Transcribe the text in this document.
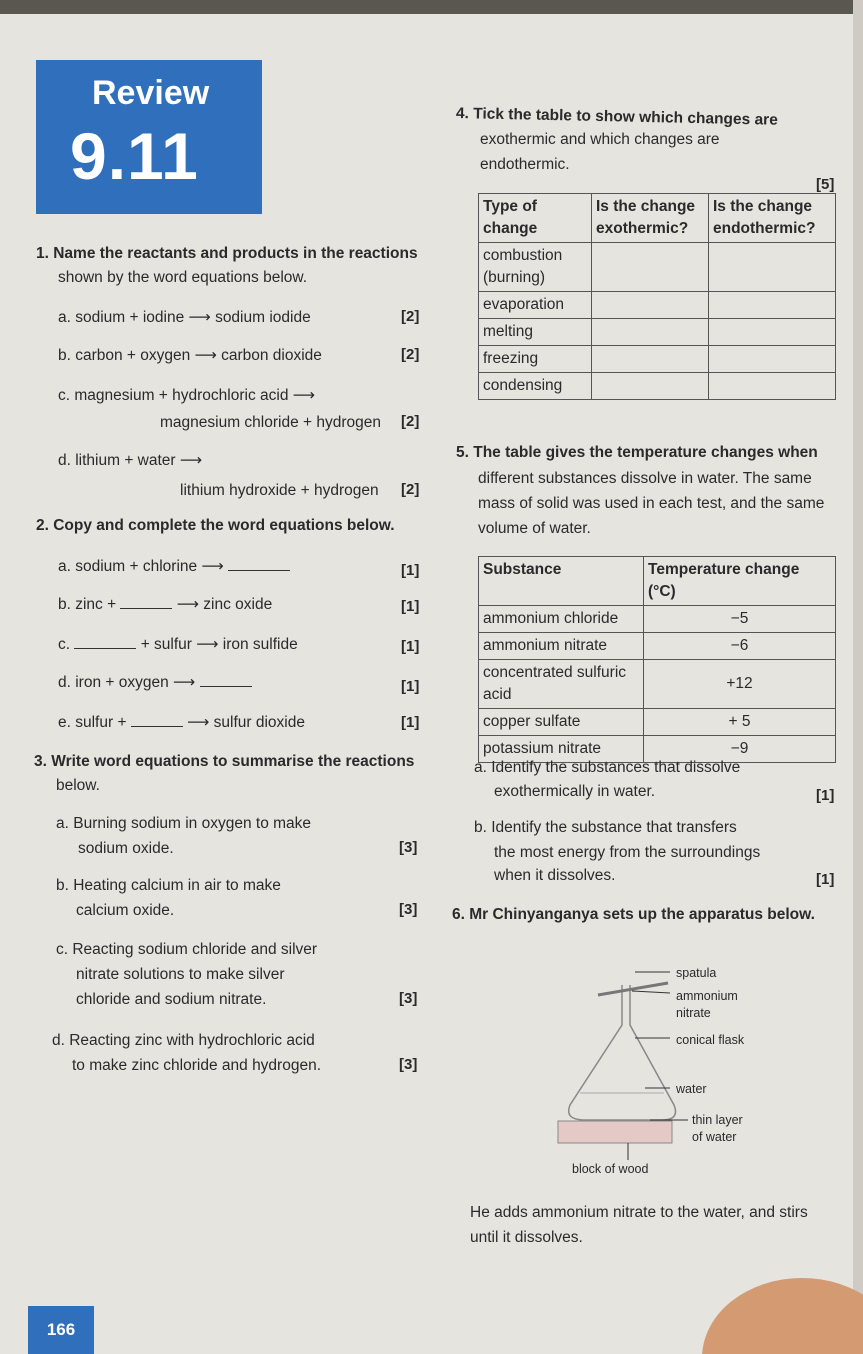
Review
9.11
1. Name the reactants and products in the reactions
shown by the word equations below.
a. sodium + iodine ⟶ sodium iodide	[2]
b. carbon + oxygen ⟶ carbon dioxide	[2]
c. magnesium + hydrochloric acid ⟶
magnesium chloride + hydrogen [2]
d. lithium + water ⟶
lithium hydroxide + hydrogen [2]
2. Copy and complete the word equations below.
a. sodium + chlorine ⟶	[1]
b. zinc +	⟶ zinc oxide	[1]
c.	+ sulfur ⟶ iron sulfide	[1]
d. iron + oxygen ⟶	[1]
e. sulfur +	⟶ sulfur dioxide	[1]
3. Write word equations to summarise the reactions
below.
a. Burning sodium in oxygen to make
sodium oxide.	[3]
b. Heating calcium in air to make
calcium oxide.	[3]
c. Reacting sodium chloride and silver
nitrate solutions to make silver
chloride and sodium nitrate.	[3]
d. Reacting zinc with hydrochloric acid
to make zinc chloride and hydrogen.	[3]
4. Tick the table to show which changes are
exothermic and which changes are
endothermic.
[5]
Type of change	Is the change exothermic?	Is the change endothermic?
combustion (burning)		
evaporation		
melting		
freezing		
condensing		
5. The table gives the temperature changes when
different substances dissolve in water. The same
mass of solid was used in each test, and the same
volume of water.
Substance	Temperature change (°C)
ammonium chloride	−5
ammonium nitrate	−6
concentrated sulfuric acid	+12
copper sulfate	+ 5
potassium nitrate	−9
a. Identify the substances that dissolve
exothermically in water.	[1]
b. Identify the substance that transfers
the most energy from the surroundings
when it dissolves.	[1]
6. Mr Chinyanganya sets up the apparatus below.
spatula
ammonium
nitrate
conical flask
water
thin layer
of water
block of wood
He adds ammonium nitrate to the water, and stirs
until it dissolves.
166
